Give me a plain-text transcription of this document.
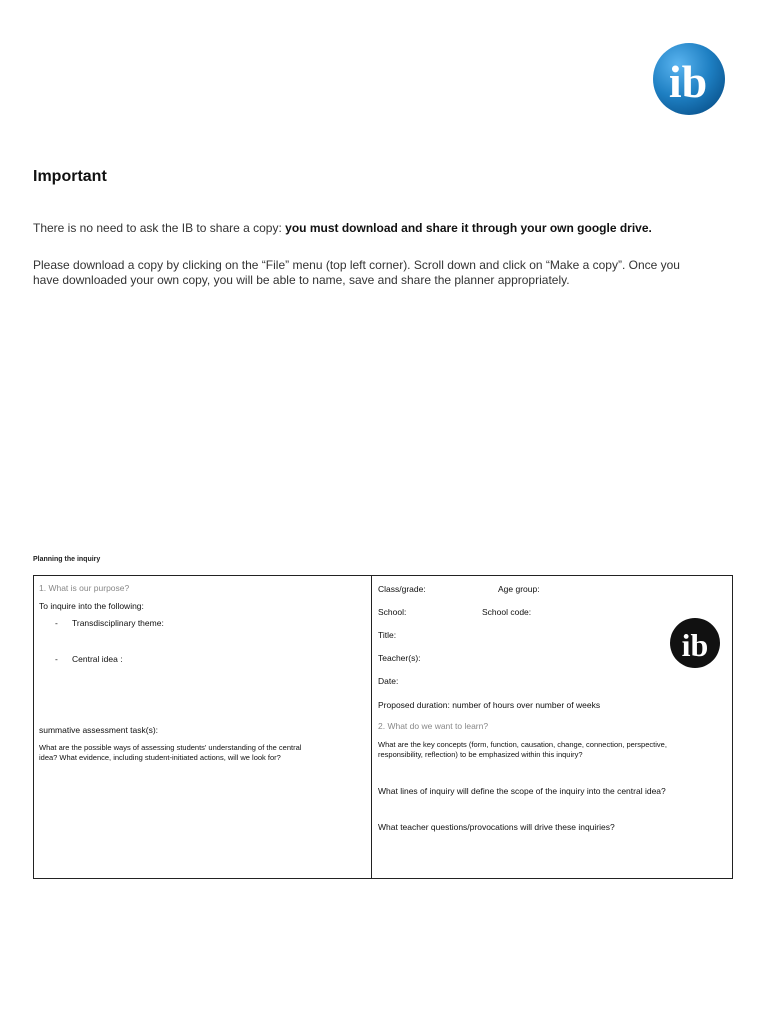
ib
Important
There is no need to ask the IB to share a copy: you must download and share it through your own google drive.
Please download a copy by clicking on the “File” menu (top left corner). Scroll down and click on “Make a copy”. Once you
have downloaded your own copy, you will be able to name, save and share the planner appropriately.
Planning the inquiry
1. What is our purpose?
To inquire into the following:
- Transdisciplinary theme:
- Central idea :
summative assessment task(s):
What are the possible ways of assessing students' understanding of the central
idea? What evidence, including student-initiated actions, will we look for?
Class/grade:	Age group:
School:	School code:
Title:
Teacher(s):
Date:
Proposed duration: number of hours over number of weeks
2. What do we want to learn?
What are the key concepts (form, function, causation, change, connection, perspective,
responsibility, reflection) to be emphasized within this inquiry?
What lines of inquiry will define the scope of the inquiry into the central idea?
What teacher questions/provocations will drive these inquiries?
ib
